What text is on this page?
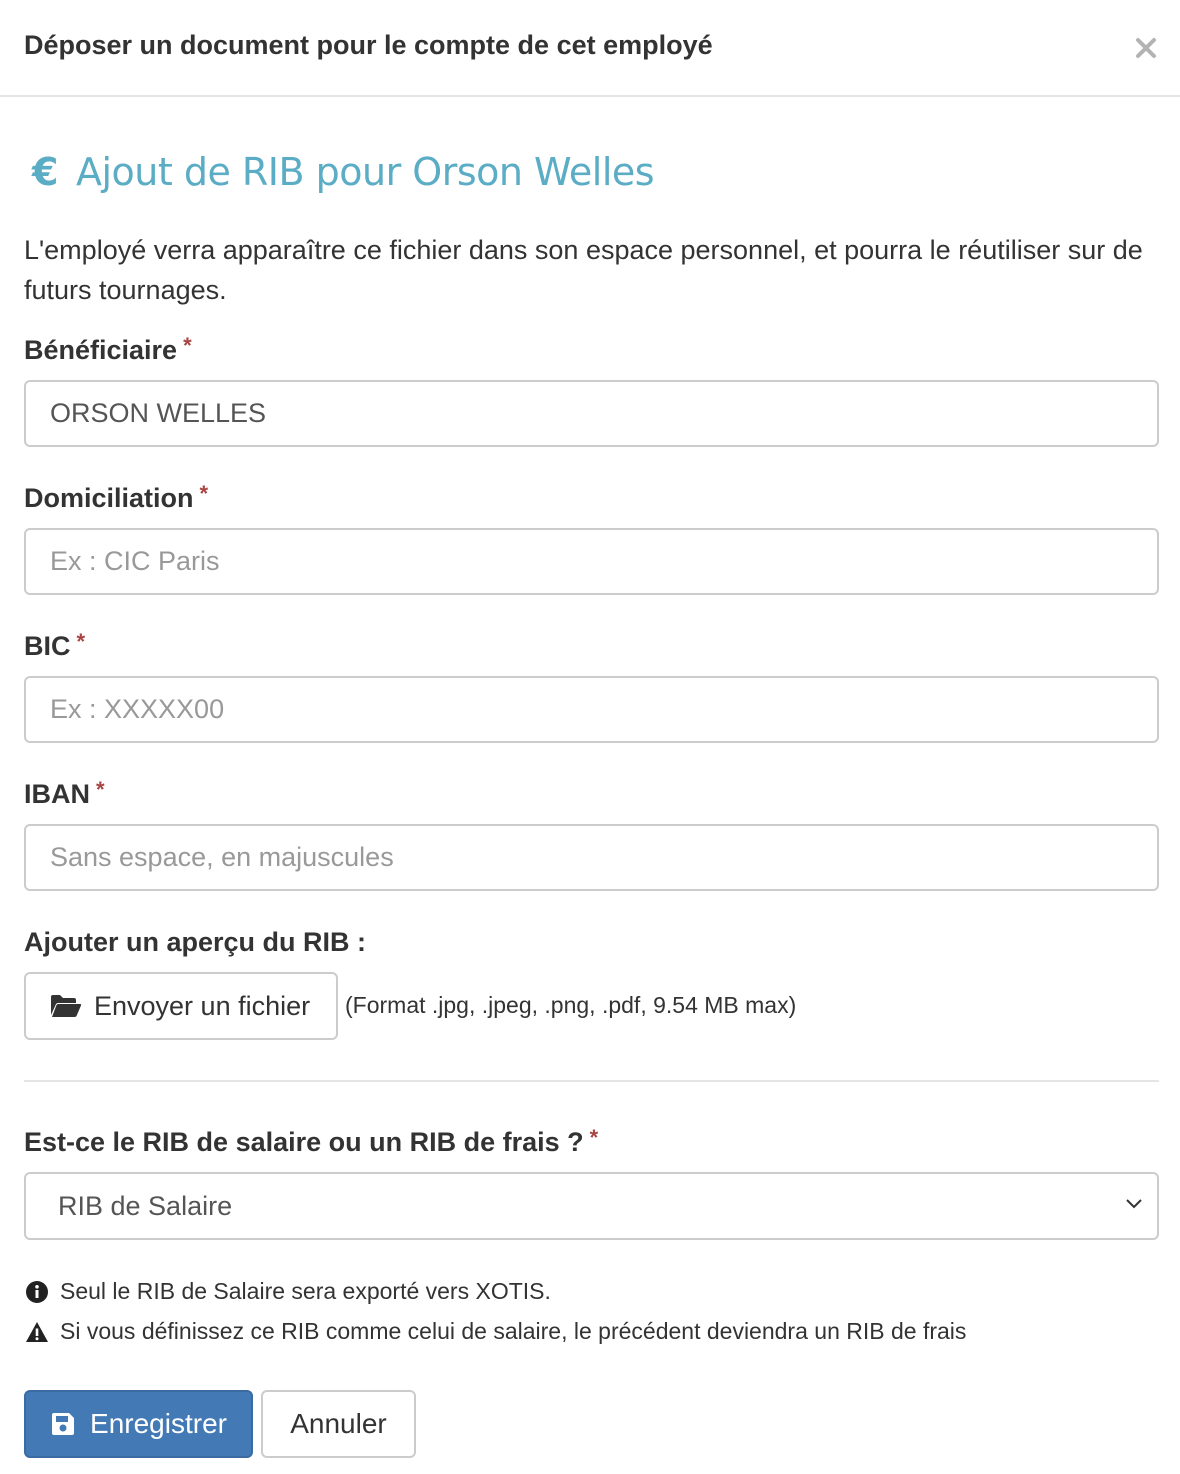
Déposer un document pour le compte de cet employé
€ Ajout de RIB pour Orson Welles
L'employé verra apparaître ce fichier dans son espace personnel, et pourra le réutiliser sur de futurs tournages.
Bénéficiaire *
ORSON WELLES
Domiciliation *
Ex : CIC Paris
BIC *
Ex : XXXXX00
IBAN *
Sans espace, en majuscules
Ajouter un aperçu du RIB :
Envoyer un fichier (Format .jpg, .jpeg, .png, .pdf, 9.54 MB max)
Est-ce le RIB de salaire ou un RIB de frais ? *
RIB de Salaire
Seul le RIB de Salaire sera exporté vers XOTIS.
Si vous définissez ce RIB comme celui de salaire, le précédent deviendra un RIB de frais
Enregistrer Annuler
